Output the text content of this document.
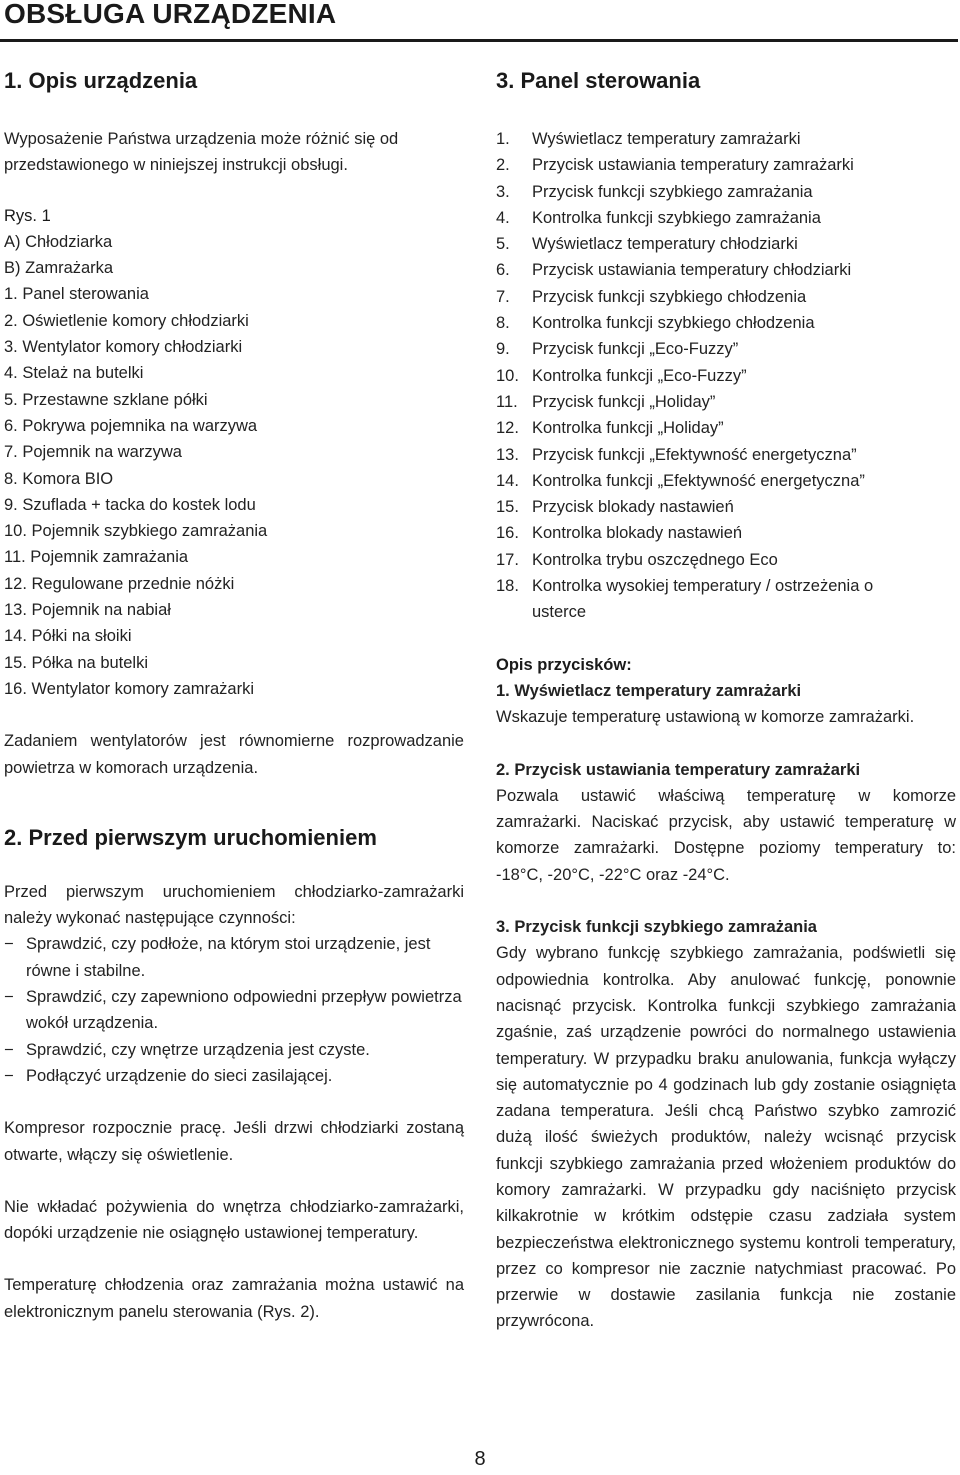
OBSŁUGA URZĄDZENIA
1. Opis urządzenia

Wyposażenie Państwa urządzenia może różnić się od przedstawionego w niniejszej instrukcji obsługi.

Rys. 1

A) Chłodziarka
B) Zamrażarka
1. Panel sterowania
2. Oświetlenie komory chłodziarki
3. Wentylator komory chłodziarki
4. Stelaż na butelki
5. Przestawne szklane półki
6. Pokrywa pojemnika na warzywa
7. Pojemnik na warzywa
8. Komora BIO
9. Szuflada + tacka do kostek lodu
10. Pojemnik szybkiego zamrażania
11. Pojemnik zamrażania
12. Regulowane przednie nóżki
13. Pojemnik na nabiał
14. Półki na słoiki
15. Półka na butelki
16. Wentylator komory zamrażarki

Zadaniem wentylatorów jest równomierne rozprowadzanie powietrza w komorach urządzenia.

2. Przed pierwszym uruchomieniem

Przed pierwszym uruchomieniem chłodziarko-zamrażarki należy wykonać następujące czynności:

− Sprawdzić, czy podłoże, na którym stoi urządzenie, jest równe i stabilne.
− Sprawdzić, czy zapewniono odpowiedni przepływ powietrza wokół urządzenia.
− Sprawdzić, czy wnętrze urządzenia jest czyste.
− Podłączyć urządzenie do sieci zasilającej.

Kompresor rozpocznie pracę. Jeśli drzwi chłodziarki zostaną otwarte, włączy się oświetlenie.

Nie wkładać pożywienia do wnętrza chłodziarko-zamrażarki, dopóki urządzenie nie osiągnęło ustawionej temperatury.

Temperaturę chłodzenia oraz zamrażania można ustawić na elektronicznym panelu sterowania (Rys. 2).

3. Panel sterowania
1. Wyświetlacz temperatury zamrażarki
2. Przycisk ustawiania temperatury zamrażarki
3. Przycisk funkcji szybkiego zamrażania
4. Kontrolka funkcji szybkiego zamrażania
5. Wyświetlacz temperatury chłodziarki
6. Przycisk ustawiania temperatury chłodziarki
7. Przycisk funkcji szybkiego chłodzenia
8. Kontrolka funkcji szybkiego chłodzenia
9. Przycisk funkcji „Eco-Fuzzy”
10. Kontrolka funkcji „Eco-Fuzzy”
11. Przycisk funkcji „Holiday”
12. Kontrolka funkcji „Holiday”
13. Przycisk funkcji „Efektywność energetyczna”
14. Kontrolka funkcji „Efektywność energetyczna”
15. Przycisk blokady nastawień
16. Kontrolka blokady nastawień
17. Kontrolka trybu oszczędnego Eco
18. Kontrolka wysokiej temperatury / ostrzeżenia o usterce

Opis przycisków:

1. Wyświetlacz temperatury zamrażarki

Wskazuje temperaturę ustawioną w komorze zamrażarki.

2. Przycisk ustawiania temperatury zamrażarki

Pozwala ustawić właściwą temperaturę w komorze zamrażarki. Naciskać przycisk, aby ustawić temperaturę w komorze zamrażarki. Dostępne poziomy temperatury to: -18°C, -20°C, -22°C oraz -24°C.

3. Przycisk funkcji szybkiego zamrażania

Gdy wybrano funkcję szybkiego zamrażania, podświetli się odpowiednia kontrolka. Aby anulować funkcję, ponownie nacisnąć przycisk. Kontrolka funkcji szybkiego zamrażania zgaśnie, zaś urządzenie powróci do normalnego ustawienia temperatury. W przypadku braku anulowania, funkcja wyłączy się automatycznie po 4 godzinach lub gdy zostanie osiągnięta zadana temperatura. Jeśli chcą Państwo szybko zamrozić dużą ilość świeżych produktów, należy wcisnąć przycisk funkcji szybkiego zamrażania przed włożeniem produktów do komory zamrażarki. W przypadku gdy naciśnięto przycisk kilkakrotnie w krótkim odstępie czasu zadziała system bezpieczeństwa elektronicznego systemu kontroli temperatury, przez co kompresor nie zacznie natychmiast pracować. Po przerwie w dostawie zasilania funkcja nie zostanie przywrócona.

8
